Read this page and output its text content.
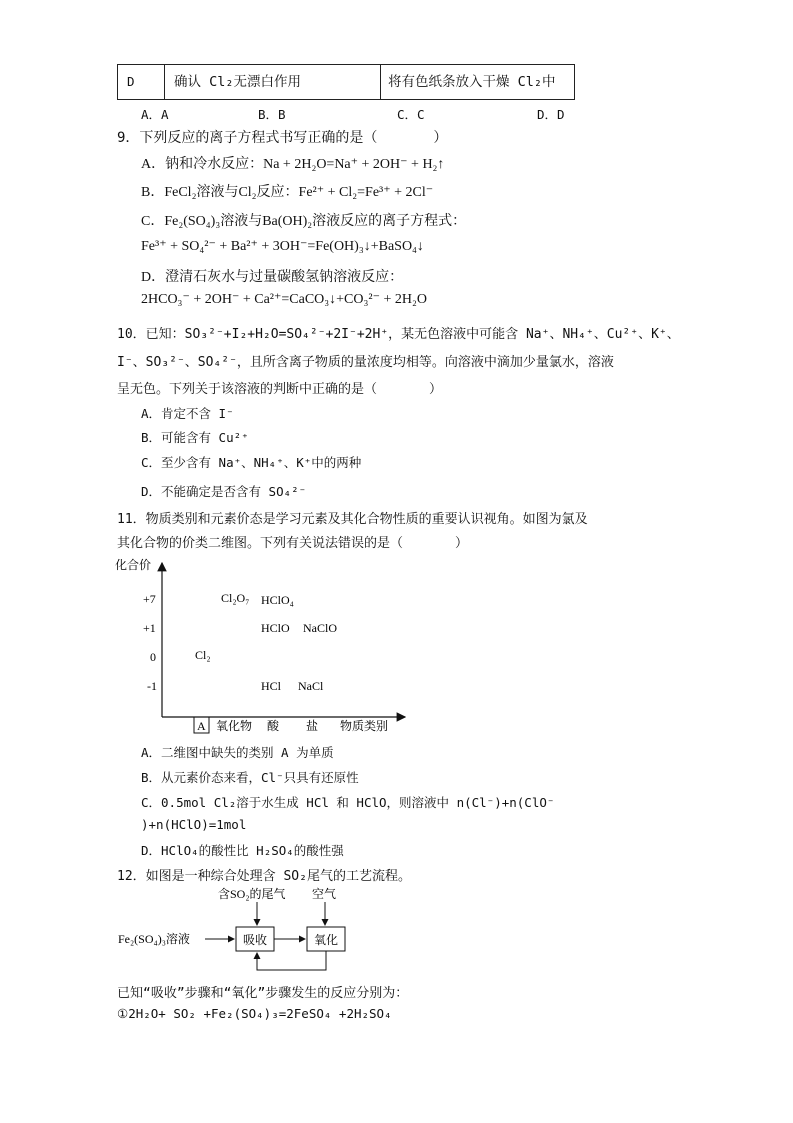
D	确认 Cl₂无漂白作用	将有色纸条放入干燥 Cl₂中
A．A	B．B	C．C	D．D
9．下列反应的离子方程式书写正确的是（　　　　）
A．钠和冷水反应：Na + 2H₂O=Na⁺ + 2OH⁻ + H₂↑
B．FeCl₂溶液与Cl₂反应：Fe²⁺ + Cl₂=Fe³⁺ + 2Cl⁻
C．Fe₂(SO₄)₃溶液与Ba(OH)₂溶液反应的离子方程式：
Fe³⁺ + SO₄²⁻ + Ba²⁺ + 3OH⁻=Fe(OH)₃↓+BaSO₄↓
D．澄清石灰水与过量碳酸氢钠溶液反应：
2HCO₃⁻ + 2OH⁻ + Ca²⁺=CaCO₃↓+CO₃²⁻ + 2H₂O
10．已知：SO₃²⁻+I₂+H₂O=SO₄²⁻+2I⁻+2H⁺，某无色溶液中可能含 Na⁺、NH₄⁺、Cu²⁺、K⁺、
I⁻、SO₃²⁻、SO₄²⁻，且所含离子物质的量浓度均相等。向溶液中滴加少量氯水，溶液
呈无色。下列关于该溶液的判断中正确的是（　　　　）
A．肯定不含 I⁻
B．可能含有 Cu²⁺
C．至少含有 Na⁺、NH₄⁺、K⁺中的两种
D．不能确定是否含有 SO₄²⁻
11．物质类别和元素价态是学习元素及其化合物性质的重要认识视角。如图为氯及
其化合物的价类二维图。下列有关说法错误的是（　　　　）
化合价
+7
+1
0
-1
A 氧化物 酸 盐 物质类别
Cl₂O₇ HClO₄
HClO NaClO
Cl₂
HCl NaCl
A．二维图中缺失的类别 A 为单质
B．从元素价态来看，Cl⁻只具有还原性
C．0.5mol Cl₂溶于水生成 HCl 和 HClO，则溶液中 n(Cl⁻)+n(ClO⁻
)+n(HClO)=1mol
D．HClO₄的酸性比 H₂SO₄的酸性强
12．如图是一种综合处理含 SO₂尾气的工艺流程。
含SO₂的尾气 空气
Fe₂(SO₄)₃溶液	吸收	氧化
已知“吸收”步骤和“氧化”步骤发生的反应分别为：
①2H₂O+ SO₂ +Fe₂(SO₄)₃=2FeSO₄ +2H₂SO₄
